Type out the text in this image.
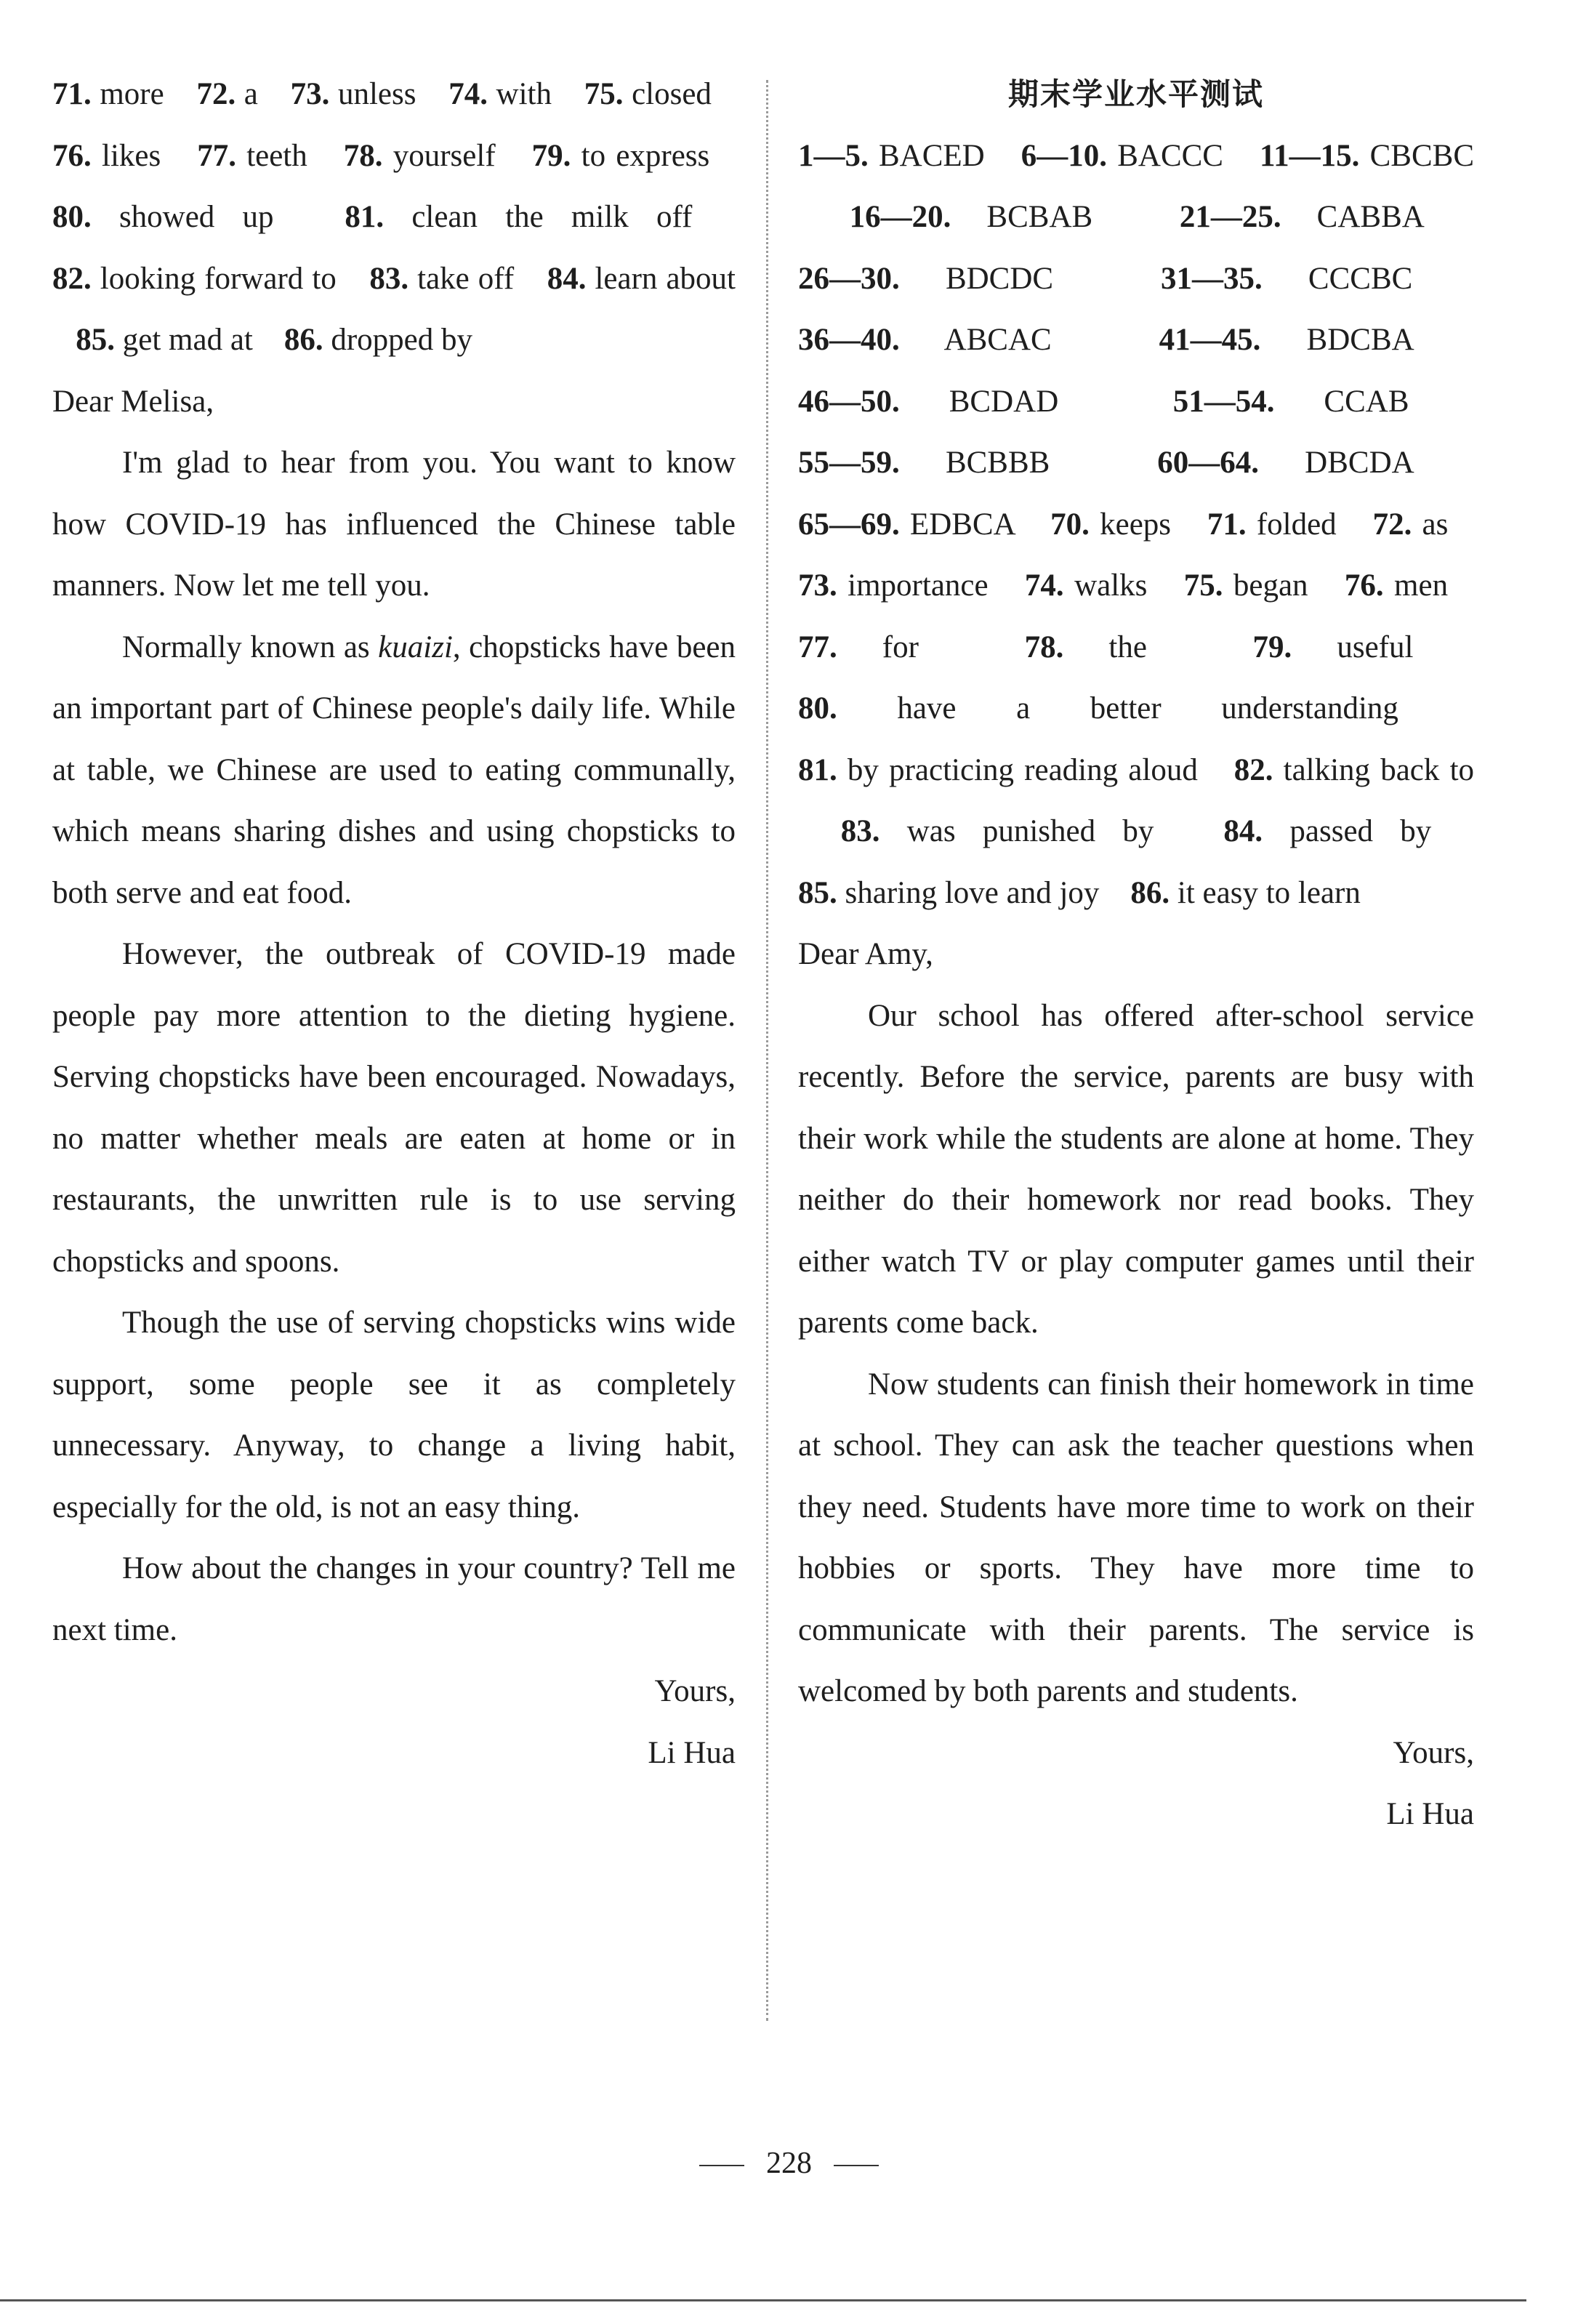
71. more   72. a   73. unless   74. with   75. closed   76. likes   77. teeth   78. yourself   79. to express   80. showed up   81. clean the milk off   82. looking forward to   83. take off   84. learn about   85. get mad at   86. dropped by

Dear Melisa,

I'm glad to hear from you. You want to know how COVID-19 has influenced the Chinese table manners. Now let me tell you.

Normally known as kuaizi, chopsticks have been an important part of Chinese people's daily life. While at table, we Chinese are used to eating communally, which means sharing dishes and using chopsticks to both serve and eat food.

However, the outbreak of COVID-19 made people pay more attention to the dieting hygiene. Serving chopsticks have been encouraged. Nowadays, no matter whether meals are eaten at home or in restaurants, the unwritten rule is to use serving chopsticks and spoons.

Though the use of serving chopsticks wins wide support, some people see it as completely unnecessary. Anyway, to change a living habit, especially for the old, is not an easy thing.

How about the changes in your country? Tell me next time.

Yours,

Li Hua

期末学业水平测试
1—5. BACED   6—10. BACCC   11—15. CBCBC   16—20. BCBAB  	21—25. CABBA   26—30. BDCDC  	31—35. CCCBC   36—40. ABCAC  	41—45. BDCBA   46—50. BCDAD  	51—54. CCAB   55—59. BCBBB  	60—64. DBCDA   65—69. EDBCA   70. keeps   71. folded   72. as   73. importance   74. walks   75. began   76. men   77. for  	78. the  	79. useful   80. have a better understanding   81. by practicing reading aloud   82. talking back to   83. was punished by   84. passed by   85. sharing love and joy   86. it easy to learn

Dear Amy,

Our school has offered after-school service recently. Before the service, parents are busy with their work while the students are alone at home. They neither do their homework nor read books. They either watch TV or play computer games until their parents come back.

Now students can finish their homework in time at school. They can ask the teacher questions when they need. Students have more time to work on their hobbies or sports. They have more time to communicate with their parents. The service is welcomed by both parents and students.

Yours,

Li Hua

228
